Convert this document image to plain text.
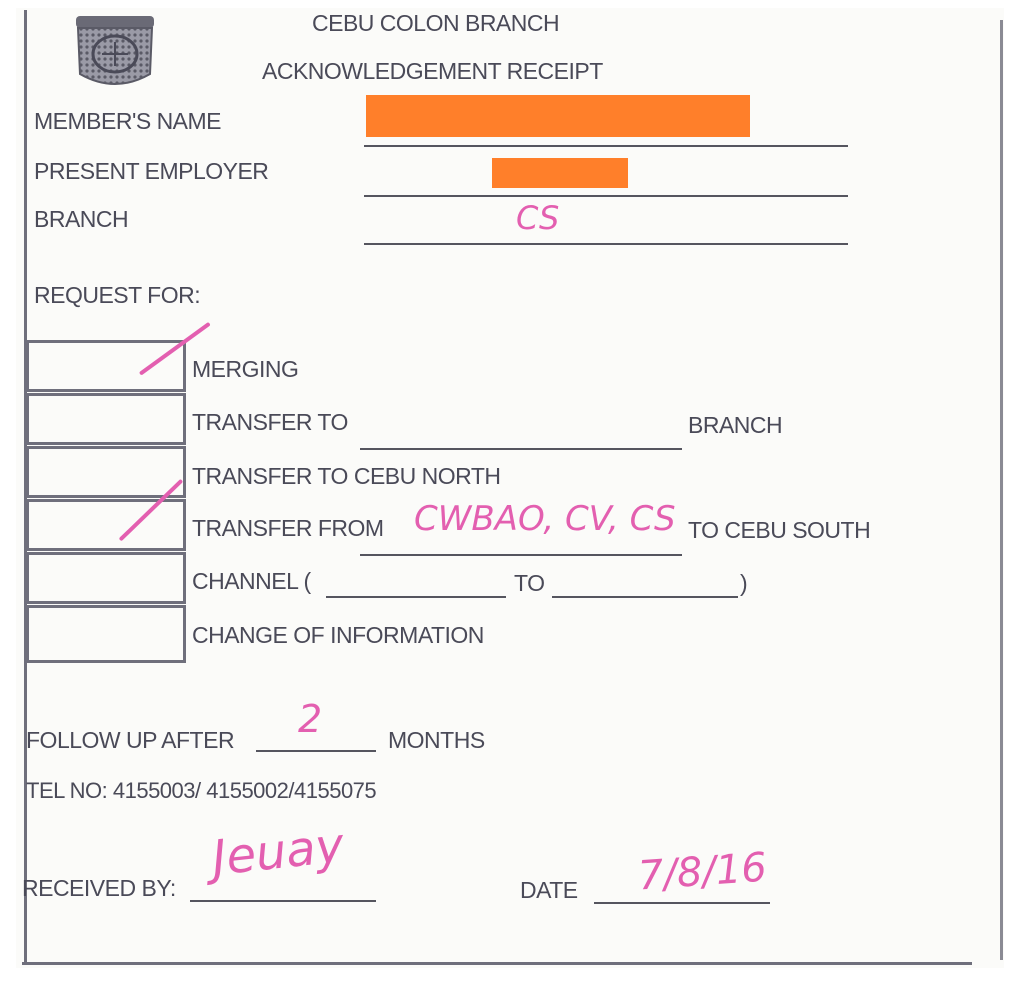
CEBU COLON BRANCH
ACKNOWLEDGEMENT RECEIPT
MEMBER'S NAME
PRESENT EMPLOYER
BRANCH	CS
REQUEST FOR:
MERGING
TRANSFER TO	BRANCH
TRANSFER TO CEBU NORTH
TRANSFER FROM CWBAO, CV, CS TO CEBU SOUTH
CHANNEL (	TO	)
CHANGE OF INFORMATION
FOLLOW UP AFTER 2	MONTHS
TEL NO: 4155003/ 4155002/4155075
RECEIVED BY:
Jeuay
DATE 7/8/16
